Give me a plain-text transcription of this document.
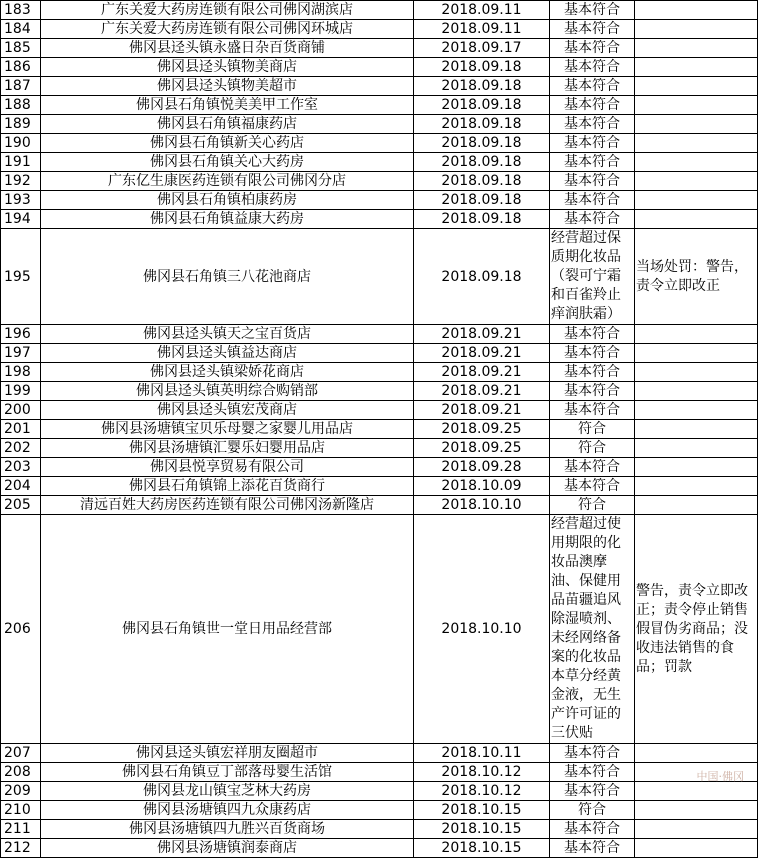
183	广东关爱大药房连锁有限公司佛冈湖滨店	2018.09.11	基本符合	
184	广东关爱大药房连锁有限公司佛冈环城店	2018.09.11	基本符合	
185	佛冈县迳头镇永盛日杂百货商铺	2018.09.17	基本符合	
186	佛冈县迳头镇物美商店	2018.09.18	基本符合	
187	佛冈县迳头镇物美超市	2018.09.18	基本符合	
188	佛冈县石角镇悦美美甲工作室	2018.09.18	基本符合	
189	佛冈县石角镇福康药店	2018.09.18	基本符合	
190	佛冈县石角镇新关心药店	2018.09.18	基本符合	
191	佛冈县石角镇关心大药房	2018.09.18	基本符合	
192	广东亿生康医药连锁有限公司佛冈分店	2018.09.18	基本符合	
193	佛冈县石角镇柏康药房	2018.09.18	基本符合	
194	佛冈县石角镇益康大药房	2018.09.18	基本符合	
195	佛冈县石角镇三八花池商店	2018.09.18	经营超过保质期化妆品（裂可宁霜和百雀羚止痒润肤霜）	当场处罚：警告，责令立即改正
196	佛冈县迳头镇天之宝百货店	2018.09.21	基本符合	
197	佛冈县迳头镇益达商店	2018.09.21	基本符合	
198	佛冈县迳头镇梁娇花商店	2018.09.21	基本符合	
199	佛冈县迳头镇英明综合购销部	2018.09.21	基本符合	
200	佛冈县迳头镇宏茂商店	2018.09.21	基本符合	
201	佛冈县汤塘镇宝贝乐母婴之家婴儿用品店	2018.09.25	符合	
202	佛冈县汤塘镇汇婴乐妇婴用品店	2018.09.25	符合	
203	佛冈县悦享贸易有限公司	2018.09.28	基本符合	
204	佛冈县石角镇锦上添花百货商行	2018.10.09	基本符合	
205	清远百姓大药房医药连锁有限公司佛冈汤新隆店	2018.10.10	符合	
206	佛冈县石角镇世一堂日用品经营部	2018.10.10	经营超过使用期限的化妆品澳摩油、保健用品苗疆追风除湿喷剂、未经网络备案的化妆品本草分经黄金液，无生产许可证的三伏贴	警告，责令立即改正；责令停止销售假冒伪劣商品；没收违法销售的食品；罚款
207	佛冈县迳头镇宏祥朋友圈超市	2018.10.11	基本符合	
208	佛冈县石角镇豆丁部落母婴生活馆	2018.10.12	基本符合	
209	佛冈县龙山镇宝芝林大药房	2018.10.12	基本符合	
210	佛冈县汤塘镇四九众康药店	2018.10.15	符合	
211	佛冈县汤塘镇四九胜兴百货商场	2018.10.15	基本符合	
212	佛冈县汤塘镇润泰商店	2018.10.15	基本符合	
中国·佛冈
